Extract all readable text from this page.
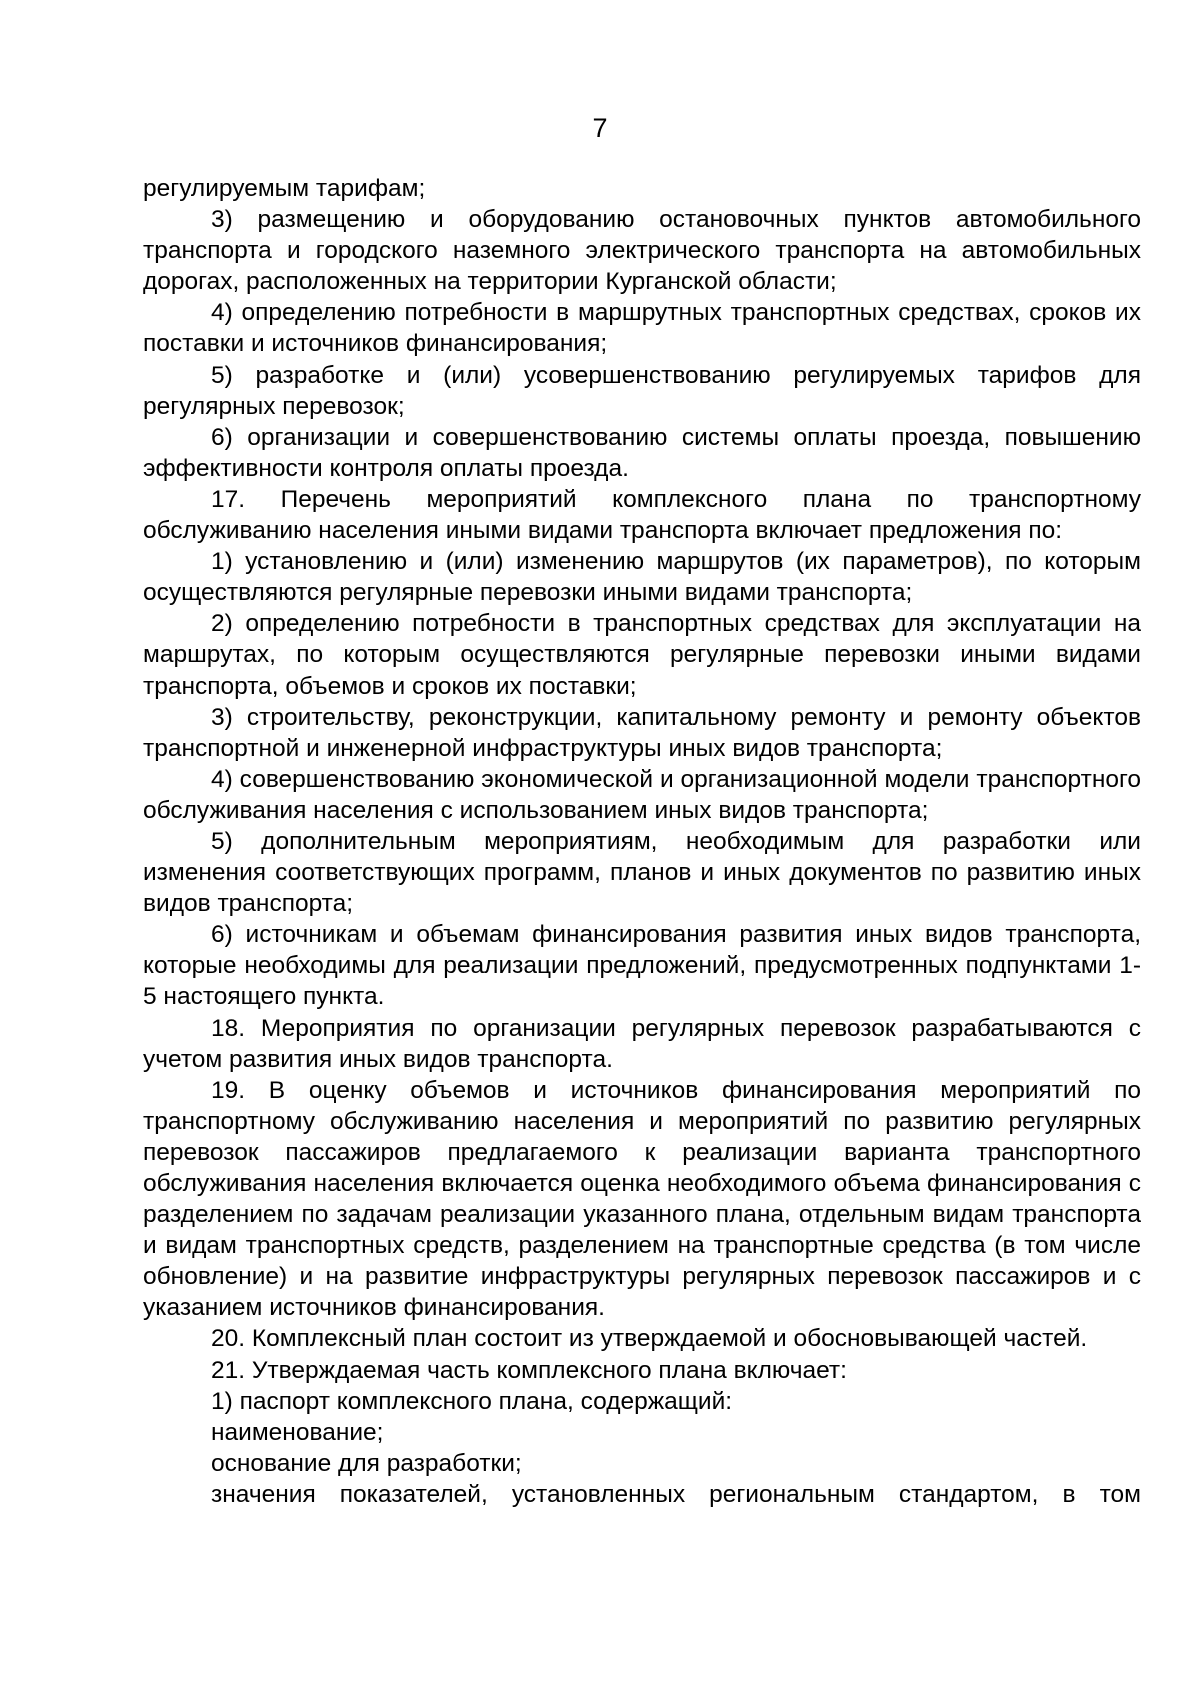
7

регулируемым тарифам;

3) размещению и оборудованию остановочных пунктов автомобильного транспорта и городского наземного электрического транспорта на автомобильных дорогах, расположенных на территории Курганской области;

4) определению потребности в маршрутных транспортных средствах, сроков их поставки и источников финансирования;

5) разработке и (или) усовершенствованию регулируемых тарифов для регулярных перевозок;

6) организации и совершенствованию системы оплаты проезда, повышению эффективности контроля оплаты проезда.

17. Перечень мероприятий комплексного плана по транспортному обслуживанию населения иными видами транспорта включает предложения по:

1) установлению и (или) изменению маршрутов (их параметров), по которым осуществляются регулярные перевозки иными видами транспорта;

2) определению потребности в транспортных средствах для эксплуатации на маршрутах, по которым осуществляются регулярные перевозки иными видами транспорта, объемов и сроков их поставки;

3) строительству, реконструкции, капитальному ремонту и ремонту объектов транспортной и инженерной инфраструктуры иных видов транспорта;

4) совершенствованию экономической и организационной модели транспортного обслуживания населения с использованием иных видов транспорта;

5) дополнительным мероприятиям, необходимым для разработки или изменения соответствующих программ, планов и иных документов по развитию иных видов транспорта;

6) источникам и объемам финансирования развития иных видов транспорта, которые необходимы для реализации предложений, предусмотренных подпунктами 1-5 настоящего пункта.

18. Мероприятия по организации регулярных перевозок разрабатываются с учетом развития иных видов транспорта.

19. В оценку объемов и источников финансирования мероприятий по транспортному обслуживанию населения и мероприятий по развитию регулярных перевозок пассажиров предлагаемого к реализации варианта транспортного обслуживания населения включается оценка необходимого объема финансирования с разделением по задачам реализации указанного плана, отдельным видам транспорта и видам транспортных средств, разделением на транспортные средства (в том числе обновление) и на развитие инфраструктуры регулярных перевозок пассажиров и с указанием источников финансирования.

20. Комплексный план состоит из утверждаемой и обосновывающей частей.

21. Утверждаемая часть комплексного плана включает:

1) паспорт комплексного плана, содержащий:

наименование;

основание для разработки;

значения показателей, установленных региональным стандартом, в том
